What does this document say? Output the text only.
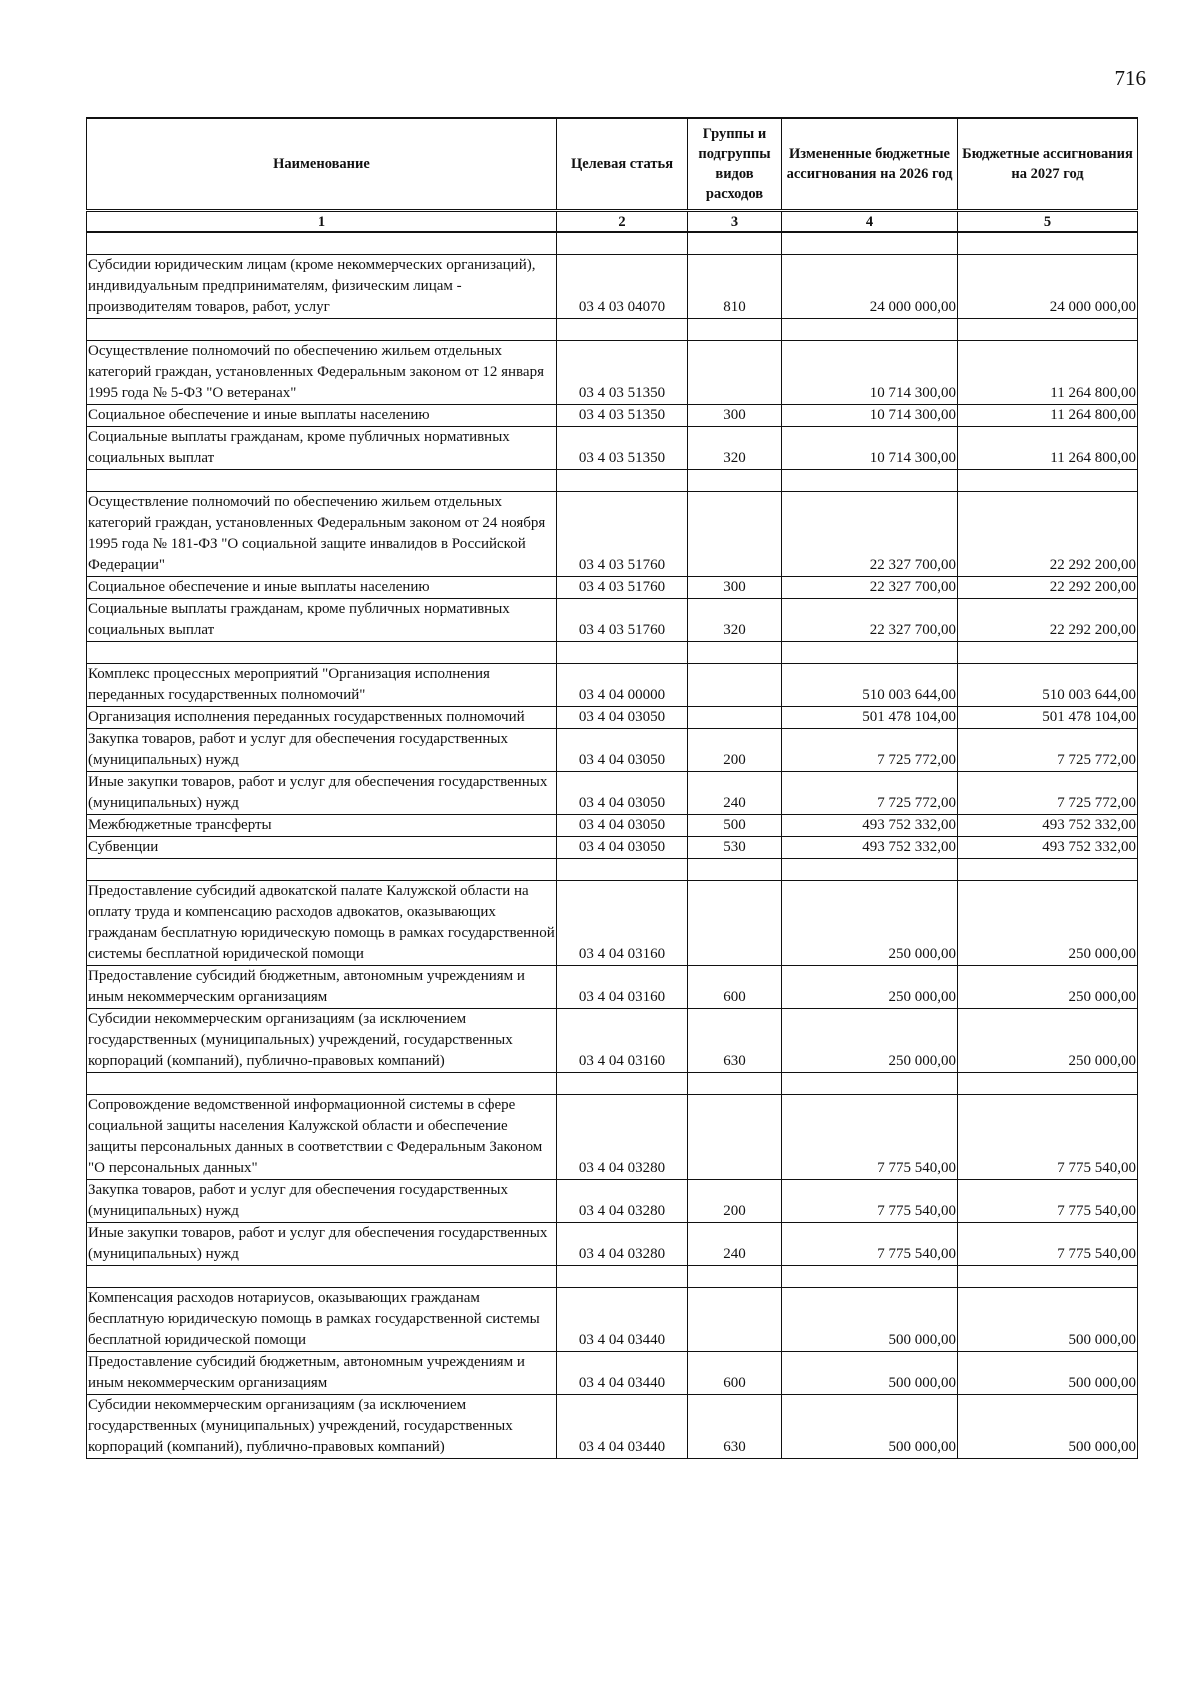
716
Наименование	Целевая статья	Группы и подгруппы видов расходов	Измененные бюджетные ассигнования на 2026 год	Бюджетные ассигнования на 2027 год
1	2	3	4	5

Субсидии юридическим лицам (кроме некоммерческих организаций), индивидуальным предпринимателям, физическим лицам - производителям товаров, работ, услуг	03 4 03 04070	810	24 000 000,00	24 000 000,00

Осуществление полномочий по обеспечению жильем отдельных категорий граждан, установленных Федеральным законом от 12 января 1995 года № 5-ФЗ "О ветеранах"	03 4 03 51350		10 714 300,00	11 264 800,00
Социальное обеспечение и иные выплаты населению	03 4 03 51350	300	10 714 300,00	11 264 800,00
Социальные выплаты гражданам, кроме публичных нормативных социальных выплат	03 4 03 51350	320	10 714 300,00	11 264 800,00

Осуществление полномочий по обеспечению жильем отдельных категорий граждан, установленных Федеральным законом от 24 ноября 1995 года № 181-ФЗ "О социальной защите инвалидов в Российской Федерации"	03 4 03 51760		22 327 700,00	22 292 200,00
Социальное обеспечение и иные выплаты населению	03 4 03 51760	300	22 327 700,00	22 292 200,00
Социальные выплаты гражданам, кроме публичных нормативных социальных выплат	03 4 03 51760	320	22 327 700,00	22 292 200,00

Комплекс процессных мероприятий "Организация исполнения переданных государственных полномочий"	03 4 04 00000		510 003 644,00	510 003 644,00
Организация исполнения переданных государственных полномочий	03 4 04 03050		501 478 104,00	501 478 104,00
Закупка товаров, работ и услуг для обеспечения государственных (муниципальных) нужд	03 4 04 03050	200	7 725 772,00	7 725 772,00
Иные закупки товаров, работ и услуг для обеспечения государственных (муниципальных) нужд	03 4 04 03050	240	7 725 772,00	7 725 772,00
Межбюджетные трансферты	03 4 04 03050	500	493 752 332,00	493 752 332,00
Субвенции	03 4 04 03050	530	493 752 332,00	493 752 332,00

Предоставление субсидий адвокатской палате Калужской области на оплату труда и компенсацию расходов адвокатов, оказывающих гражданам бесплатную юридическую помощь в рамках государственной системы бесплатной юридической помощи	03 4 04 03160		250 000,00	250 000,00
Предоставление субсидий бюджетным, автономным учреждениям и иным некоммерческим организациям	03 4 04 03160	600	250 000,00	250 000,00
Субсидии некоммерческим организациям (за исключением государственных (муниципальных) учреждений, государственных корпораций (компаний), публично-правовых компаний)	03 4 04 03160	630	250 000,00	250 000,00

Сопровождение ведомственной информационной системы в сфере социальной защиты населения Калужской области и обеспечение защиты персональных данных в соответствии с Федеральным Законом "О персональных данных"	03 4 04 03280		7 775 540,00	7 775 540,00
Закупка товаров, работ и услуг для обеспечения государственных (муниципальных) нужд	03 4 04 03280	200	7 775 540,00	7 775 540,00
Иные закупки товаров, работ и услуг для обеспечения государственных (муниципальных) нужд	03 4 04 03280	240	7 775 540,00	7 775 540,00

Компенсация расходов нотариусов, оказывающих гражданам бесплатную юридическую помощь в рамках государственной системы бесплатной юридической помощи	03 4 04 03440		500 000,00	500 000,00
Предоставление субсидий бюджетным, автономным учреждениям и иным некоммерческим организациям	03 4 04 03440	600	500 000,00	500 000,00
Субсидии некоммерческим организациям (за исключением государственных (муниципальных) учреждений, государственных корпораций (компаний), публично-правовых компаний)	03 4 04 03440	630	500 000,00	500 000,00
